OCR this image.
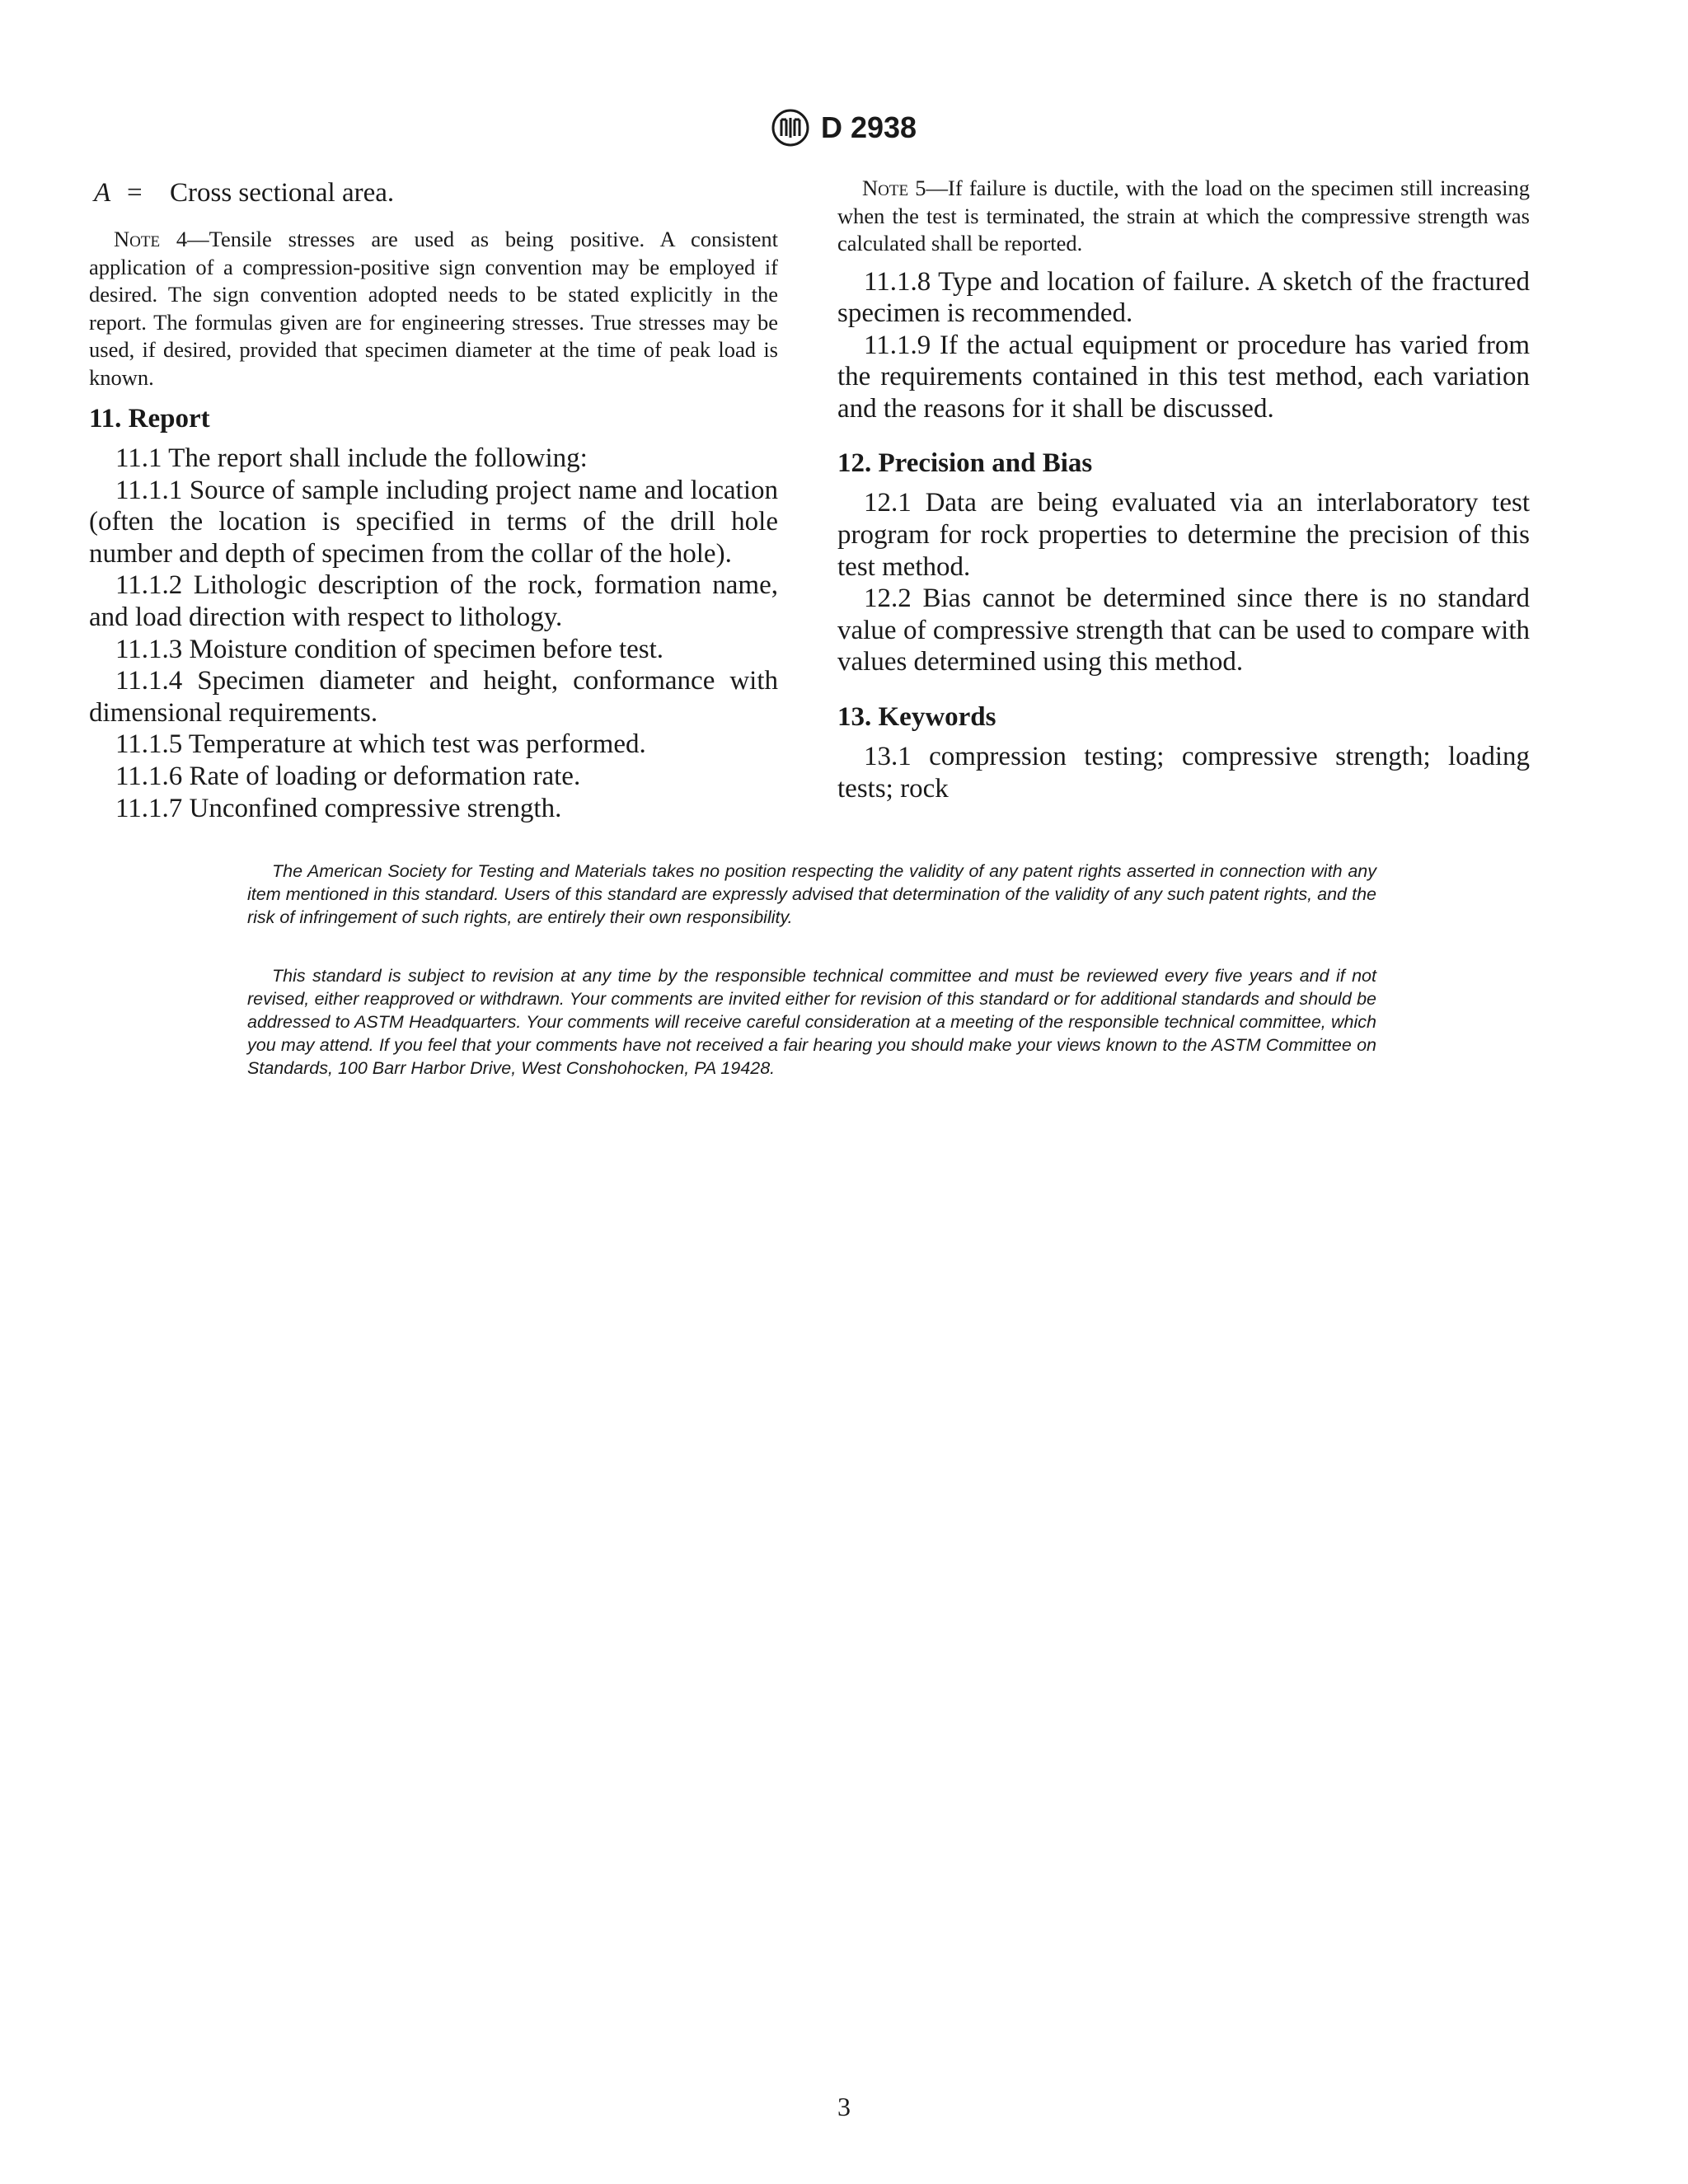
D 2938

A = Cross sectional area.

Note 4—Tensile stresses are used as being positive. A consistent application of a compression-positive sign convention may be employed if desired. The sign convention adopted needs to be stated explicitly in the report. The formulas given are for engineering stresses. True stresses may be used, if desired, provided that specimen diameter at the time of peak load is known.

11. Report

11.1 The report shall include the following:

11.1.1 Source of sample including project name and location (often the location is specified in terms of the drill hole number and depth of specimen from the collar of the hole).

11.1.2 Lithologic description of the rock, formation name, and load direction with respect to lithology.

11.1.3 Moisture condition of specimen before test.

11.1.4 Specimen diameter and height, conformance with dimensional requirements.

11.1.5 Temperature at which test was performed.

11.1.6 Rate of loading or deformation rate.

11.1.7 Unconfined compressive strength.

Note 5—If failure is ductile, with the load on the specimen still increasing when the test is terminated, the strain at which the compressive strength was calculated shall be reported.

11.1.8 Type and location of failure. A sketch of the fractured specimen is recommended.

11.1.9 If the actual equipment or procedure has varied from the requirements contained in this test method, each variation and the reasons for it shall be discussed.

12. Precision and Bias

12.1 Data are being evaluated via an interlaboratory test program for rock properties to determine the precision of this test method.

12.2 Bias cannot be determined since there is no standard value of compressive strength that can be used to compare with values determined using this method.

13. Keywords

13.1 compression testing; compressive strength; loading tests; rock

The American Society for Testing and Materials takes no position respecting the validity of any patent rights asserted in connection with any item mentioned in this standard. Users of this standard are expressly advised that determination of the validity of any such patent rights, and the risk of infringement of such rights, are entirely their own responsibility.

This standard is subject to revision at any time by the responsible technical committee and must be reviewed every five years and if not revised, either reapproved or withdrawn. Your comments are invited either for revision of this standard or for additional standards and should be addressed to ASTM Headquarters. Your comments will receive careful consideration at a meeting of the responsible technical committee, which you may attend. If you feel that your comments have not received a fair hearing you should make your views known to the ASTM Committee on Standards, 100 Barr Harbor Drive, West Conshohocken, PA 19428.

3
